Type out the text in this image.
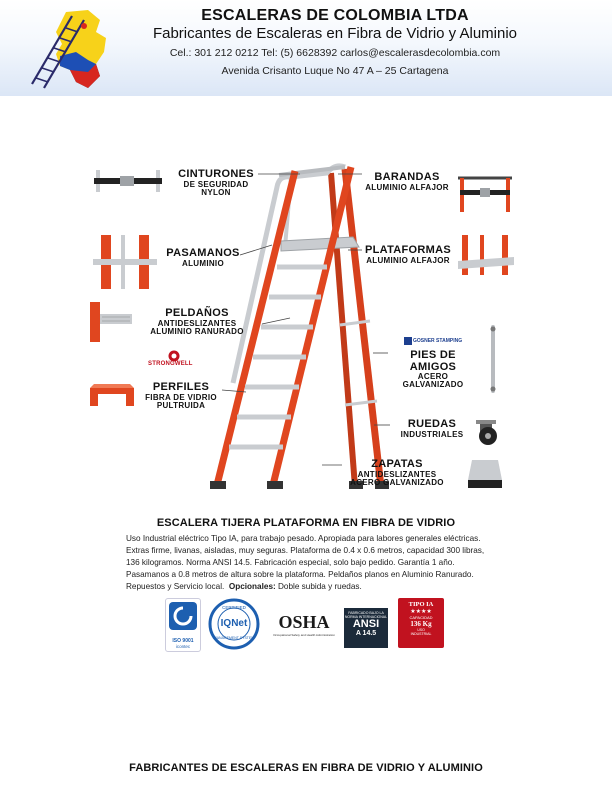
ESCALERAS DE COLOMBIA LTDA
Fabricantes de Escaleras en Fibra de Vidrio y Aluminio
Cel.: 301 212 0212 Tel: (5) 6628392 carlos@escalerasdecolombia.com
Avenida Crisanto Luque No 47 A – 25 Cartagena
STRONGWELL
GOSNER STAMPING
CINTURONES
DE SEGURIDAD
NYLON
BARANDAS
ALUMINIO ALFAJOR
PASAMANOS
ALUMINIO
PLATAFORMAS
ALUMINIO ALFAJOR
PELDAÑOS
ANTIDESLIZANTES
ALUMINIO RANURADO
PIES DE AMIGOS
ACERO GALVANIZADO
PERFILES
FIBRA DE VIDRIO
PULTRUIDA
RUEDAS
INDUSTRIALES
ZAPATAS
ANTIDESLIZANTES
ACERO GALVANIZADO
ESCALERA TIJERA PLATAFORMA EN FIBRA DE VIDRIO
Uso Industrial eléctrico Tipo IA, para trabajo pesado. Apropiada para labores generales eléctricas.
Extras firme, livanas, aisladas, muy seguras. Plataforma de 0.4 x 0.6 metros, capacidad 300 libras,
136 kilogramos. Norma ANSI 14.5. Fabricación especial, solo bajo pedido. Garantía 1 año.
Pasamanos a 0.8 metros de altura sobre la plataforma. Peldaños planos en Aluminio Ranurado.
Repuestos y Servicio local. Opcionales: Doble subida y ruedas.
ISO 9001
icontec
CERTIFIED
IQNet
MANAGEMENT SYSTEM
OSHA
Occupational Safety and Health Administration
FABRICADO BAJO LA
NORMA INTERNACIONAL
ANSI
A 14.5
TIPO IA
★★★★
CAPACIDAD
136 Kg
USO
INDUSTRIAL
FABRICANTES DE ESCALERAS EN FIBRA DE VIDRIO Y ALUMINIO
